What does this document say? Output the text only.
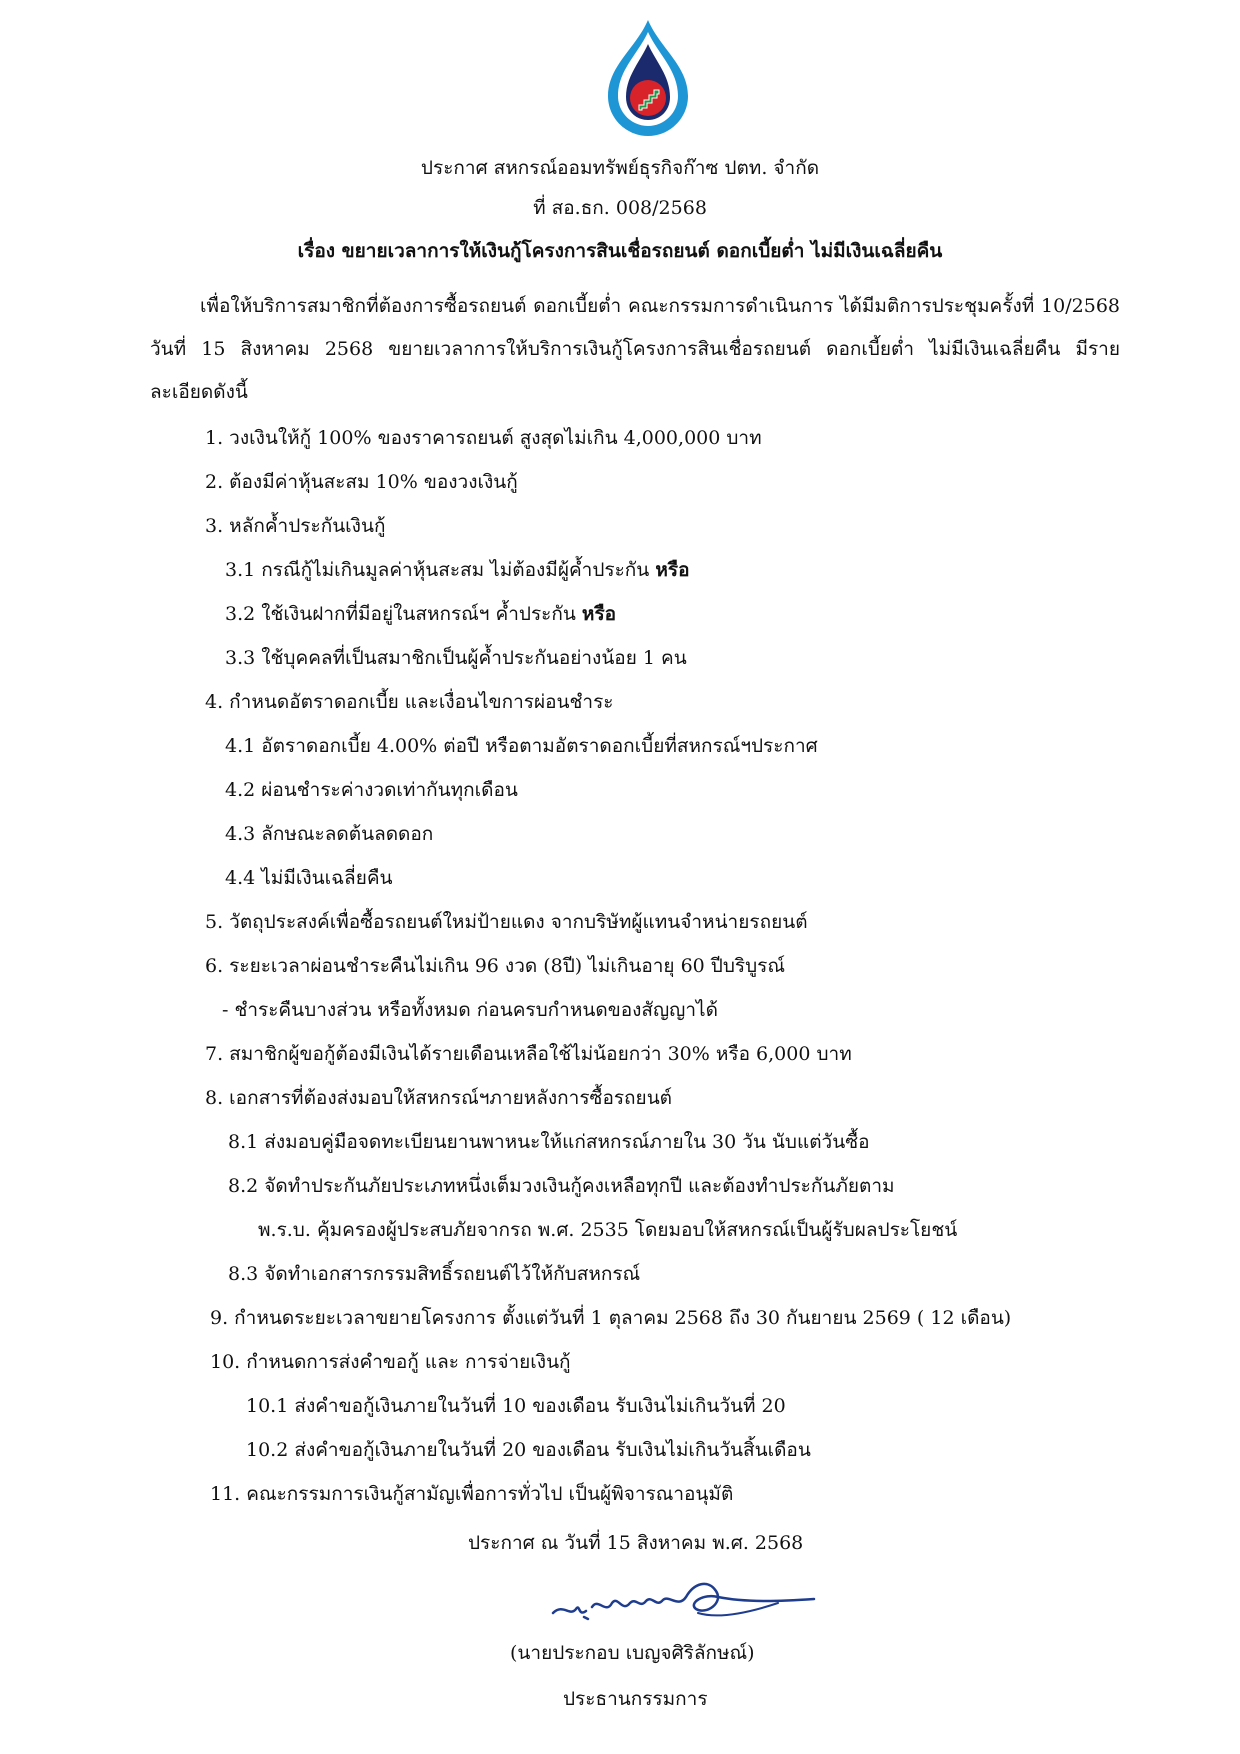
ประกาศ สหกรณ์ออมทรัพย์ธุรกิจก๊าซ ปตท. จำกัด
ที่ สอ.ธก. 008/2568
เรื่อง ขยายเวลาการให้เงินกู้โครงการสินเชื่อรถยนต์ ดอกเบี้ยต่ำ ไม่มีเงินเฉลี่ยคืน
เพื่อให้บริการสมาชิกที่ต้องการซื้อรถยนต์ ดอกเบี้ยต่ำ คณะกรรมการดำเนินการ ได้มีมติการประชุมครั้งที่ 10/2568 วันที่ 15 สิงหาคม 2568 ขยายเวลาการให้บริการเงินกู้โครงการสินเชื่อรถยนต์ ดอกเบี้ยต่ำ ไม่มีเงินเฉลี่ยคืน มีรายละเอียดดังนี้
1. วงเงินให้กู้ 100% ของราคารถยนต์ สูงสุดไม่เกิน 4,000,000 บาท
2. ต้องมีค่าหุ้นสะสม 10% ของวงเงินกู้
3. หลักค้ำประกันเงินกู้
3.1 กรณีกู้ไม่เกินมูลค่าหุ้นสะสม ไม่ต้องมีผู้ค้ำประกัน หรือ
3.2 ใช้เงินฝากที่มีอยู่ในสหกรณ์ฯ ค้ำประกัน หรือ
3.3 ใช้บุคคลที่เป็นสมาชิกเป็นผู้ค้ำประกันอย่างน้อย 1 คน
4. กำหนดอัตราดอกเบี้ย และเงื่อนไขการผ่อนชำระ
4.1 อัตราดอกเบี้ย 4.00% ต่อปี หรือตามอัตราดอกเบี้ยที่สหกรณ์ฯประกาศ
4.2 ผ่อนชำระค่างวดเท่ากันทุกเดือน
4.3 ลักษณะลดต้นลดดอก
4.4 ไม่มีเงินเฉลี่ยคืน
5. วัตถุประสงค์เพื่อซื้อรถยนต์ใหม่ป้ายแดง จากบริษัทผู้แทนจำหน่ายรถยนต์
6. ระยะเวลาผ่อนชำระคืนไม่เกิน 96 งวด (8ปี) ไม่เกินอายุ 60 ปีบริบูรณ์
- ชำระคืนบางส่วน หรือทั้งหมด ก่อนครบกำหนดของสัญญาได้
7. สมาชิกผู้ขอกู้ต้องมีเงินได้รายเดือนเหลือใช้ไม่น้อยกว่า 30% หรือ 6,000 บาท
8. เอกสารที่ต้องส่งมอบให้สหกรณ์ฯภายหลังการซื้อรถยนต์
8.1 ส่งมอบคู่มือจดทะเบียนยานพาหนะให้แก่สหกรณ์ภายใน 30 วัน นับแต่วันซื้อ
8.2 จัดทำประกันภัยประเภทหนึ่งเต็มวงเงินกู้คงเหลือทุกปี และต้องทำประกันภัยตาม
พ.ร.บ. คุ้มครองผู้ประสบภัยจากรถ พ.ศ. 2535 โดยมอบให้สหกรณ์เป็นผู้รับผลประโยชน์
8.3 จัดทำเอกสารกรรมสิทธิ์รถยนต์ไว้ให้กับสหกรณ์
9. กำหนดระยะเวลาขยายโครงการ ตั้งแต่วันที่ 1 ตุลาคม 2568 ถึง 30 กันยายน 2569 ( 12 เดือน)
10. กำหนดการส่งคำขอกู้ และ การจ่ายเงินกู้
10.1 ส่งคำขอกู้เงินภายในวันที่ 10 ของเดือน รับเงินไม่เกินวันที่ 20
10.2 ส่งคำขอกู้เงินภายในวันที่ 20 ของเดือน รับเงินไม่เกินวันสิ้นเดือน
11. คณะกรรมการเงินกู้สามัญเพื่อการทั่วไป เป็นผู้พิจารณาอนุมัติ
ประกาศ ณ วันที่ 15 สิงหาคม พ.ศ. 2568
(นายประกอบ เบญจศิริลักษณ์)
ประธานกรรมการ
